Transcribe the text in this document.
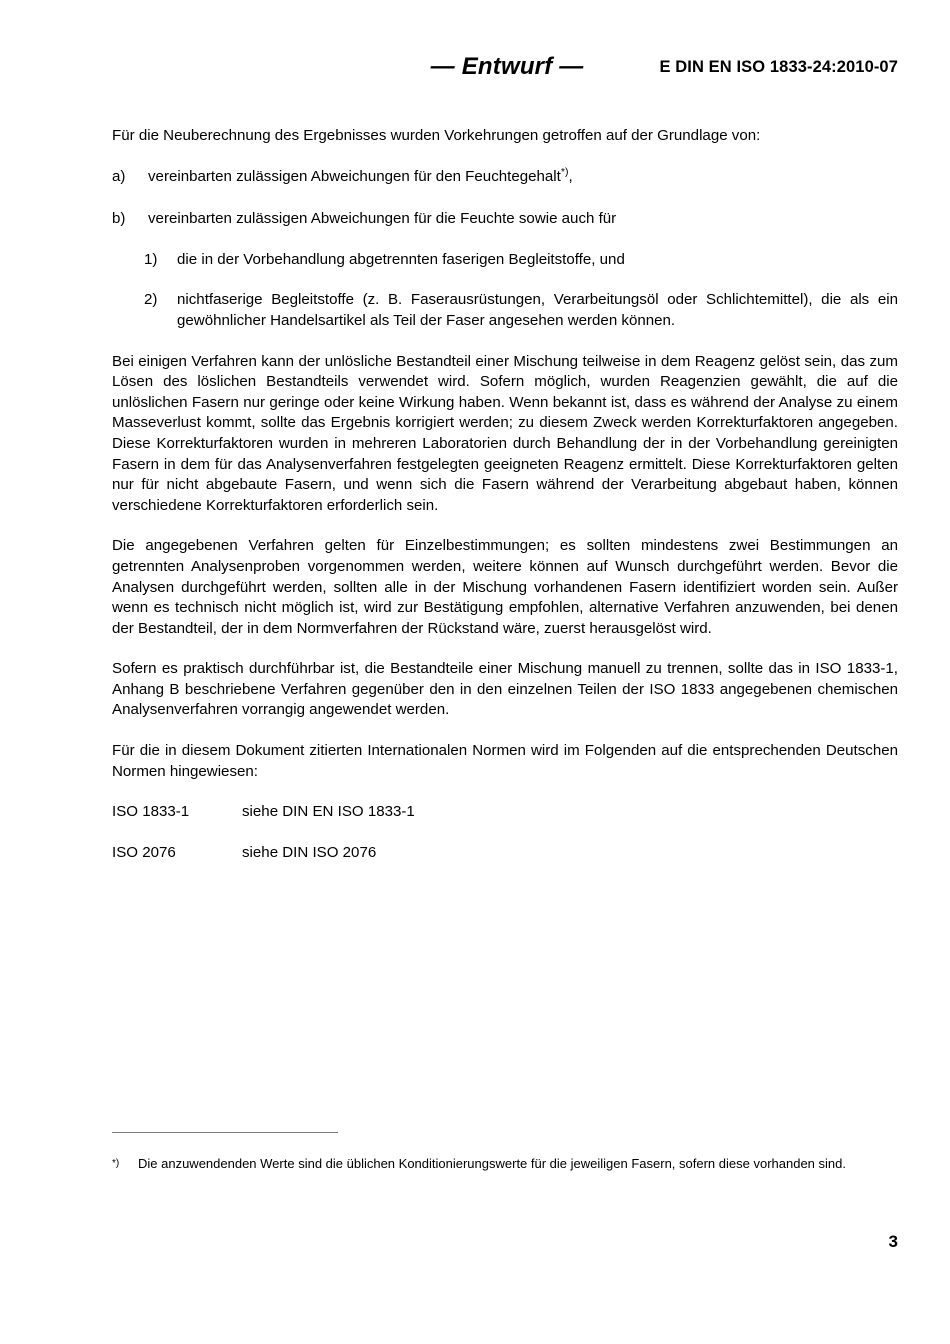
— Entwurf —	E DIN EN ISO 1833-24:2010-07

Für die Neuberechnung des Ergebnisses wurden Vorkehrungen getroffen auf der Grundlage von:

a)	vereinbarten zulässigen Abweichungen für den Feuchtegehalt*),
b)	vereinbarten zulässigen Abweichungen für die Feuchte sowie auch für
1)	die in der Vorbehandlung abgetrennten faserigen Begleitstoffe, und
2)	nichtfaserige Begleitstoffe (z. B. Faserausrüstungen, Verarbeitungsöl oder Schlichtemittel), die als ein gewöhnlicher Handelsartikel als Teil der Faser angesehen werden können.

Bei einigen Verfahren kann der unlösliche Bestandteil einer Mischung teilweise in dem Reagenz gelöst sein, das zum Lösen des löslichen Bestandteils verwendet wird. Sofern möglich, wurden Reagenzien gewählt, die auf die unlöslichen Fasern nur geringe oder keine Wirkung haben. Wenn bekannt ist, dass es während der Analyse zu einem Masseverlust kommt, sollte das Ergebnis korrigiert werden; zu diesem Zweck werden Korrekturfaktoren angegeben. Diese Korrekturfaktoren wurden in mehreren Laboratorien durch Behandlung der in der Vorbehandlung gereinigten Fasern in dem für das Analysenverfahren festgelegten geeigneten Reagenz ermittelt. Diese Korrekturfaktoren gelten nur für nicht abgebaute Fasern, und wenn sich die Fasern während der Verarbeitung abgebaut haben, können verschiedene Korrekturfaktoren erforderlich sein.

Die angegebenen Verfahren gelten für Einzelbestimmungen; es sollten mindestens zwei Bestimmungen an getrennten Analysenproben vorgenommen werden, weitere können auf Wunsch durchgeführt werden. Bevor die Analysen durchgeführt werden, sollten alle in der Mischung vorhandenen Fasern identifiziert worden sein. Außer wenn es technisch nicht möglich ist, wird zur Bestätigung empfohlen, alternative Verfahren anzuwenden, bei denen der Bestandteil, der in dem Normverfahren der Rückstand wäre, zuerst herausgelöst wird.

Sofern es praktisch durchführbar ist, die Bestandteile einer Mischung manuell zu trennen, sollte das in ISO 1833-1, Anhang B beschriebene Verfahren gegenüber den in den einzelnen Teilen der ISO 1833 angegebenen chemischen Analysenverfahren vorrangig angewendet werden.

Für die in diesem Dokument zitierten Internationalen Normen wird im Folgenden auf die entsprechenden Deutschen Normen hingewiesen:

ISO 1833-1	siehe DIN EN ISO 1833-1
ISO 2076	siehe DIN ISO 2076
*)	Die anzuwendenden Werte sind die üblichen Konditionierungswerte für die jeweiligen Fasern, sofern diese vorhanden sind.
3
